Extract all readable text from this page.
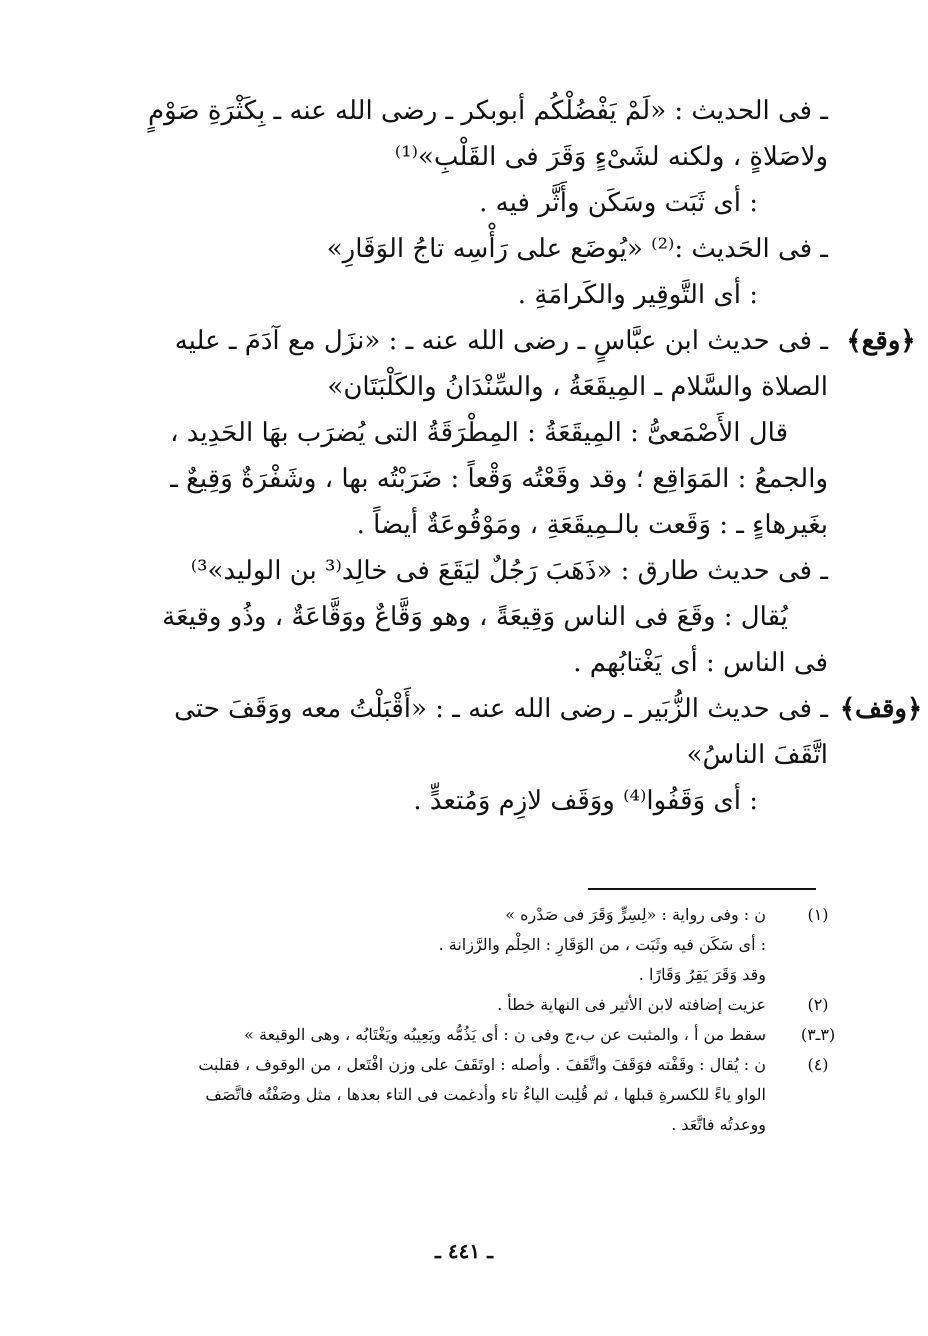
ـ فى الحديث : «لَمْ يَفْضُلْكُم أبوبكر ـ رضى الله عنه ـ بِكَثْرَةِ صَوْمٍ
ولاصَلاةٍ ، ولكنه لشَىْءٍ وَقَرَ فى القَلْبِ»⁽¹⁾
: أى ثَبَت وسَكَن وأَثَّر فيه .
ـ فى الحَديث :⁽²⁾ «يُوضَع على رَأْسِه تاجُ الوَقَارِ»
: أى التَّوقِير والكَرامَةِ .
﴿وقع﴾
ـ فى حديث ابن عبَّاسٍ ـ رضى الله عنه ـ : «نزَل مع آدَمَ ـ عليه
الصلاة والسَّلام ـ المِيقَعَةُ ، والسِّنْدَانُ والكَلْبَتَان»
قال الأَصْمَعىُّ : المِيقَعَةُ : المِطْرَقَةُ التى يُضرَب بهَا الحَدِيد ،
والجمعُ : المَوَاقِع ؛ وقد وقَعْتُه وَقْعاً : ضَرَبْتُه بها ، وشَفْرَةٌ وَقِيعٌ ـ
بغَيرهاءٍ ـ : وَقَعت بالـمِيقَعَةِ ، ومَوْقُوعَةٌ أيضاً .
ـ فى حديث طارق : «ذَهَبَ رَجُلٌ ليَقَعَ فى خالِد⁽³ بن الوليد»³⁾
يُقال : وقَعَ فى الناس وَقِيعَةً ، وهو وَقَّاعٌ ووَقَّاعَةٌ ، وذُو وقيعَة
فى الناس : أى يَغْتابُهم .
﴿وقف﴾
ـ فى حديث الزُّبَير ـ رضى الله عنه ـ : «أَقْبَلْتُ معه ووَقَفَ حتى
اتَّقَفَ الناسُ»
: أى وَقَفُوا⁽⁴⁾ ووَقَف لازِم وَمُتعدٍّ .
(١)
ن : وفى رواية : «لِسِرٍّ وَقَرَ فى صَدْره »
: أى سَكَن فيه وثَبَت ، من الوَقَارِ : الحِلْم والرَّزانة .
وقد وَقَرَ يَقِرُ وَقَارًا .
(٢)
عزيت إضافته لابن الأثير فى النهاية خطأ .
(٣ـ٣)
سقط من أ ، والمثبت عن ب،ج وفى ن : أى يَذُمُّه ويَعِيبُه ويَغْتَابُه ، وهى الوقيعة »
(٤)
ن : يُقال : وقَفْته فوَقَفَ واتَّقَفَ . وأصله : اوتَقَفَ على وزن افْتَعل ، من الوقوف ، فقلبت
الواو ياءً للكسرةِ قبلها ، ثم قُلِبت الياءُ تاء وأدغمت فى التاء بعدها ، مثل وصَفْتُه فاتَّصَف
ووعدتُه فاتَّعَد .
ـ ٤٤١ ـ
